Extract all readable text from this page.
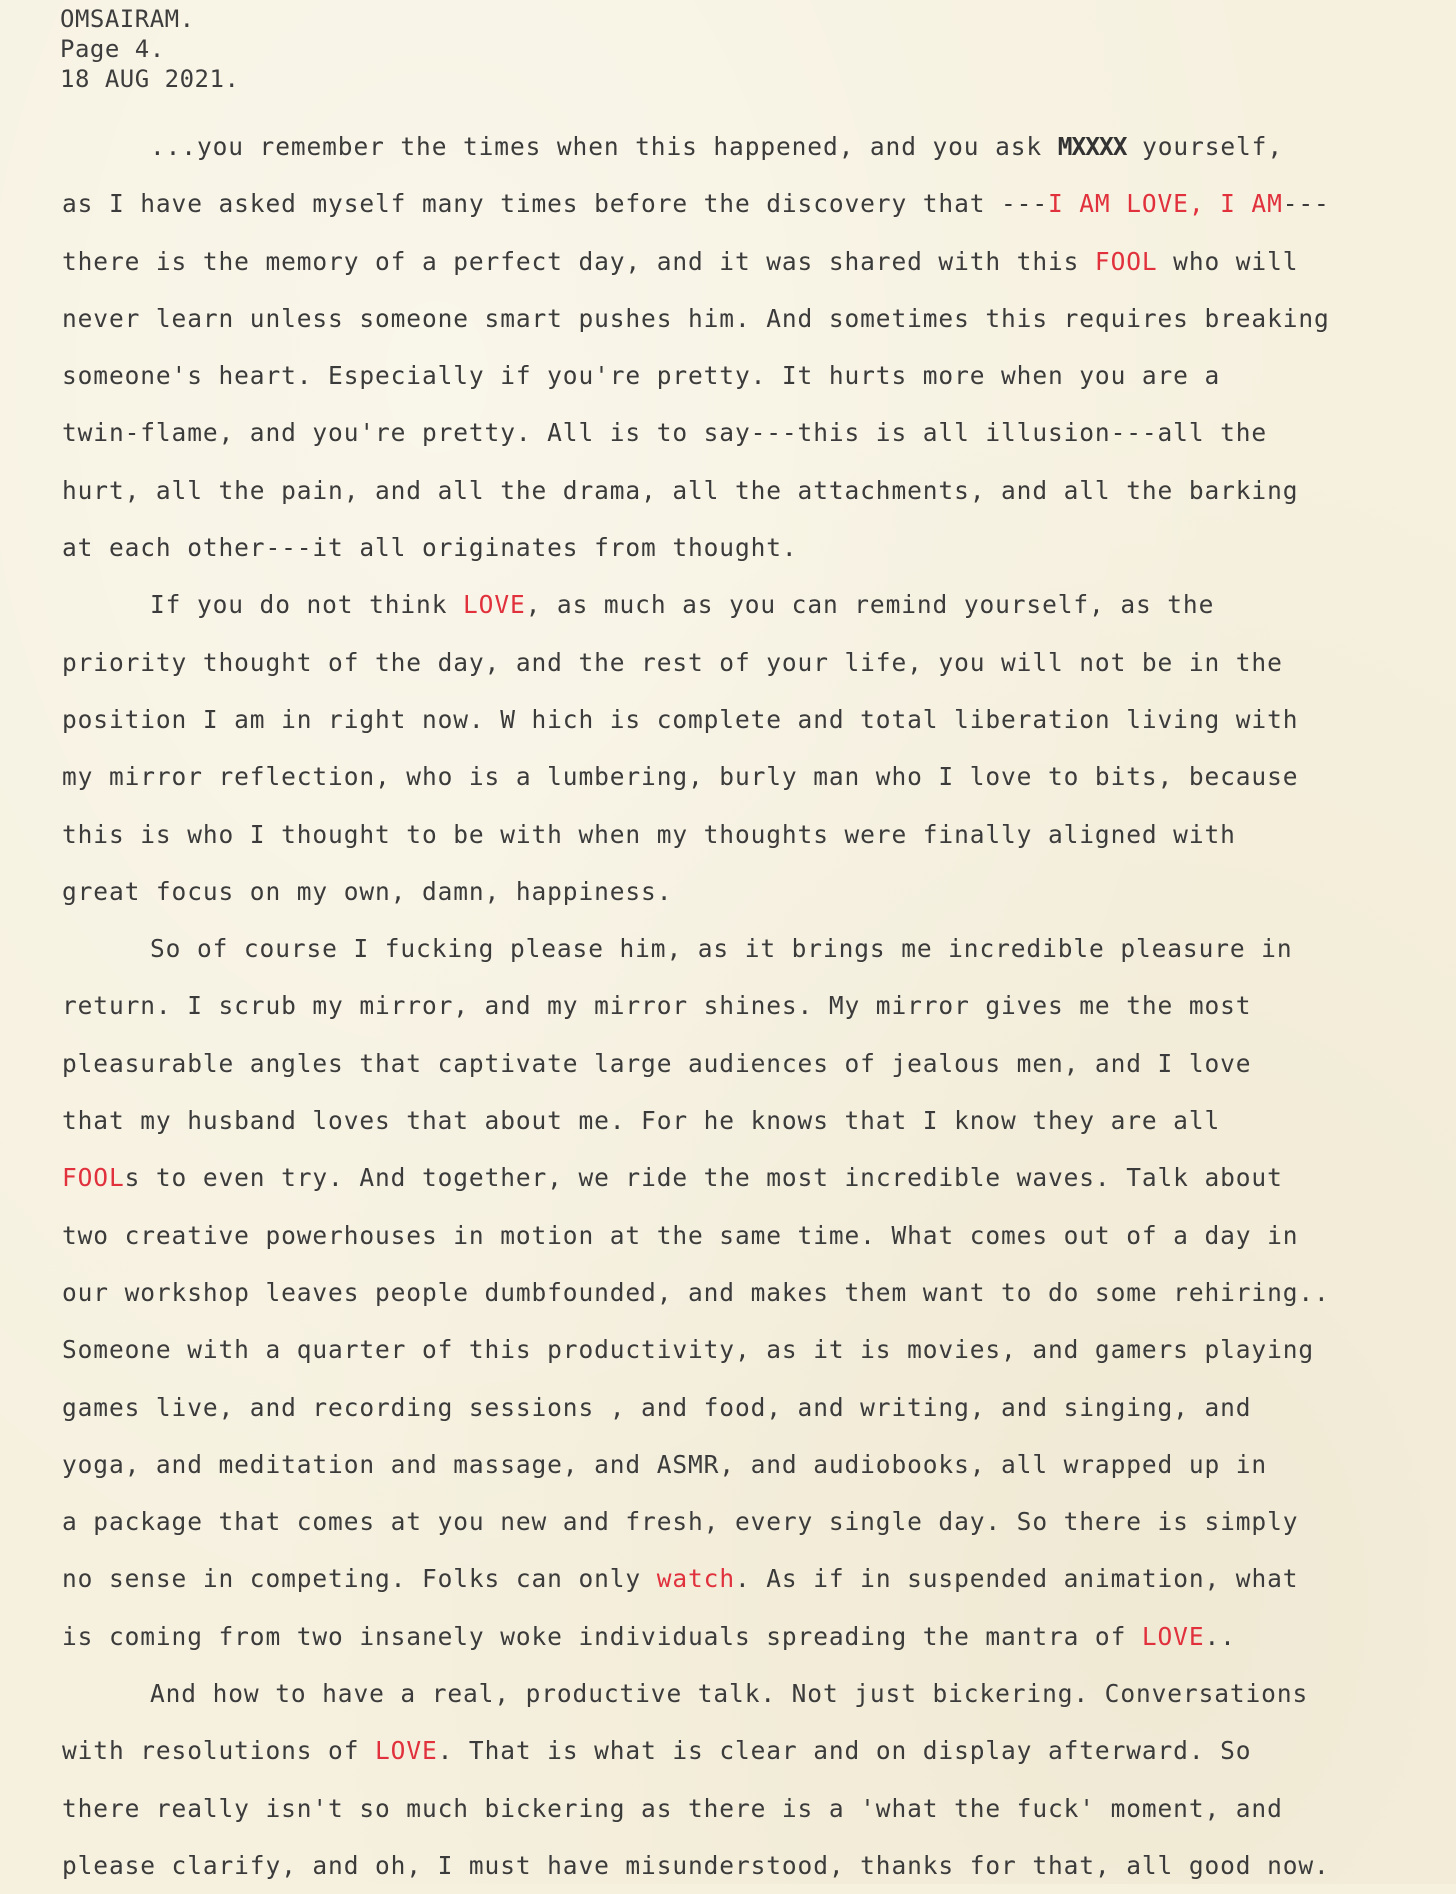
OMSAIRAM.
Page 4.
18 AUG 2021.
...you remember the times when this happened, and you ask MXXXX yourself,
as I have asked myself many times before the discovery that ---I AM LOVE, I AM---
there is the memory of a perfect day, and it was shared with this FOOL who will
never learn unless someone smart pushes him. And sometimes this requires breaking
someone's heart. Especially if you're pretty. It hurts more when you are a
twin-flame, and you're pretty. All is to say---this is all illusion---all the
hurt, all the pain, and all the drama, all the attachments, and all the barking
at each other---it all originates from thought.
If you do not think LOVE, as much as you can remind yourself, as the
priority thought of the day, and the rest of your life, you will not be in the
position I am in right now. W hich is complete and total liberation living with
my mirror reflection, who is a lumbering, burly man who I love to bits, because
this is who I thought to be with when my thoughts were finally aligned with
great focus on my own, damn, happiness.
So of course I fucking please him, as it brings me incredible pleasure in
return. I scrub my mirror, and my mirror shines. My mirror gives me the most
pleasurable angles that captivate large audiences of jealous men, and I love
that my husband loves that about me. For he knows that I know they are all
FOOLs to even try. And together, we ride the most incredible waves. Talk about
two creative powerhouses in motion at the same time. What comes out of a day in
our workshop leaves people dumbfounded, and makes them want to do some rehiring..
Someone with a quarter of this productivity, as it is movies, and gamers playing
games live, and recording sessions , and food, and writing, and singing, and
yoga, and meditation and massage, and ASMR, and audiobooks, all wrapped up in
a package that comes at you new and fresh, every single day. So there is simply
no sense in competing. Folks can only watch. As if in suspended animation, what
is coming from two insanely woke individuals spreading the mantra of LOVE..
And how to have a real, productive talk. Not just bickering. Conversations
with resolutions of LOVE. That is what is clear and on display afterward. So
there really isn't so much bickering as there is a 'what the fuck' moment, and
please clarify, and oh, I must have misunderstood, thanks for that, all good now.
